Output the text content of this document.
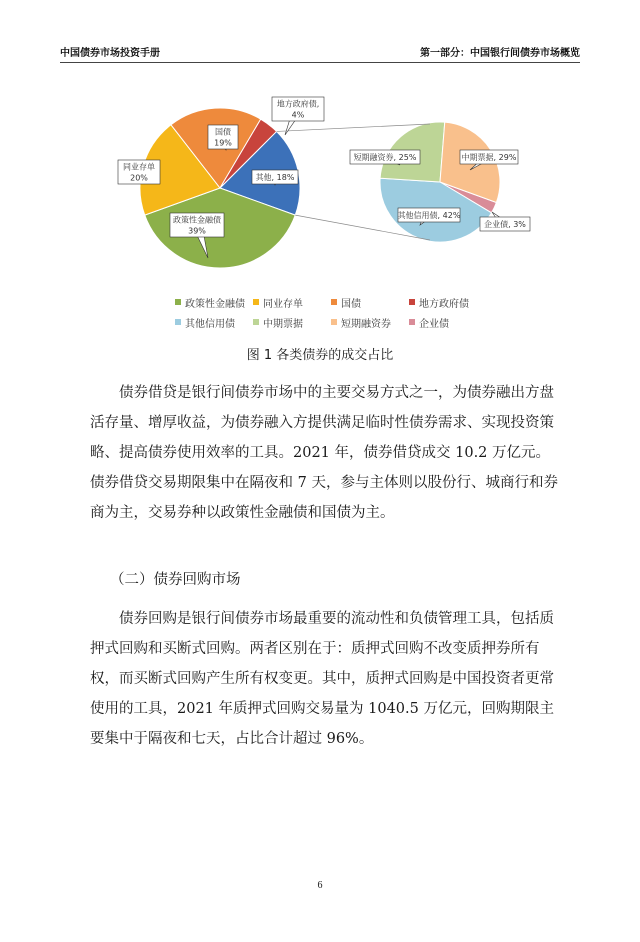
中国债券市场投资手册	第一部分：中国银行间债券市场概览
政策性金融债
39%
同业存单
20%
国债
19%
地方政府债,
4%
其他, 18%
短期融资券, 25%	中期票据, 29%
企业债, 3%
其他信用债, 42%
政策性金融债 同业存单	国债	地方政府债
其他信用债	中期票据	短期融资券	企业债
图 1 各类债券的成交占比
债券借贷是银行间债券市场中的主要交易方式之一，为债券融出方盘活存量、增厚收益，为债券融入方提供满足临时性债券需求、实现投资策略、提高债券使用效率的工具。2021 年，债券借贷成交 10.2 万亿元。债券借贷交易期限集中在隔夜和 7 天，参与主体则以股份行、城商行和券商为主，交易券种以政策性金融债和国债为主。
（二）债券回购市场
债券回购是银行间债券市场最重要的流动性和负债管理工具，包括质押式回购和买断式回购。两者区别在于：质押式回购不改变质押券所有权，而买断式回购产生所有权变更。其中，质押式回购是中国投资者更常使用的工具，2021 年质押式回购交易量为 1040.5 万亿元，回购期限主要集中于隔夜和七天，占比合计超过 96%。
6
